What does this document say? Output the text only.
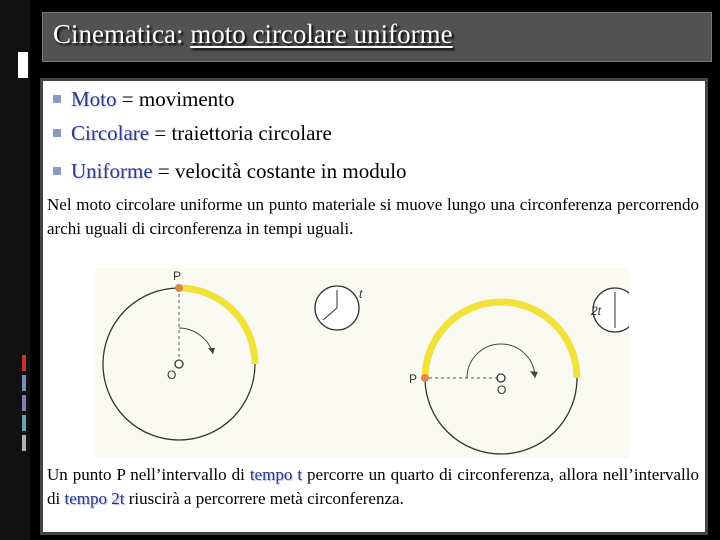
Cinematica: moto circolare uniforme
Moto = movimento
Circolare = traiettoria circolare
Uniforme = velocità costante in modulo
Nel moto circolare uniforme un punto materiale si muove lungo una circonferenza percorrendo archi uguali di circonferenza in tempi uguali.
P
O
t
P
O
2t
Un punto P nell’intervallo di tempo t percorre un quarto di circonferenza, allora nell’intervallo di tempo 2t riuscirà a percorrere metà circonferenza.
